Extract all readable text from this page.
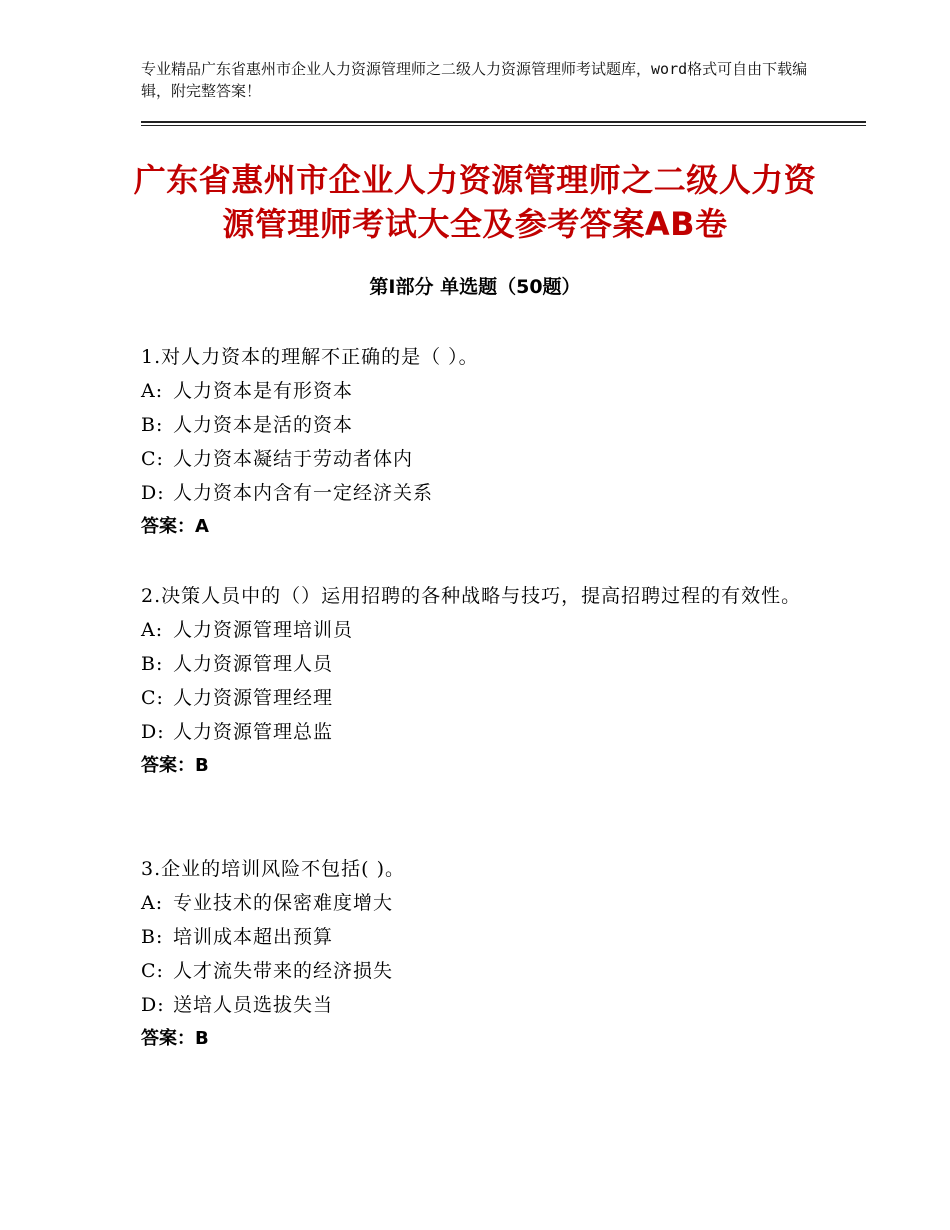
专业精品广东省惠州市企业人力资源管理师之二级人力资源管理师考试题库，word格式可自由下载编辑，附完整答案！
广东省惠州市企业人力资源管理师之二级人力资源管理师考试大全及参考答案AB卷
第Ⅰ部分 单选题（50题）

1.对人力资本的理解不正确的是（ ）。

A: 人力资本是有形资本

B: 人力资本是活的资本

C: 人力资本凝结于劳动者体内

D: 人力资本内含有一定经济关系

答案：A

2.决策人员中的（）运用招聘的各种战略与技巧，提高招聘过程的有效性。

A: 人力资源管理培训员

B: 人力资源管理人员

C: 人力资源管理经理

D: 人力资源管理总监

答案：B

3.企业的培训风险不包括( )。

A: 专业技术的保密难度增大

B: 培训成本超出预算

C: 人才流失带来的经济损失

D: 送培人员选拔失当

答案：B
